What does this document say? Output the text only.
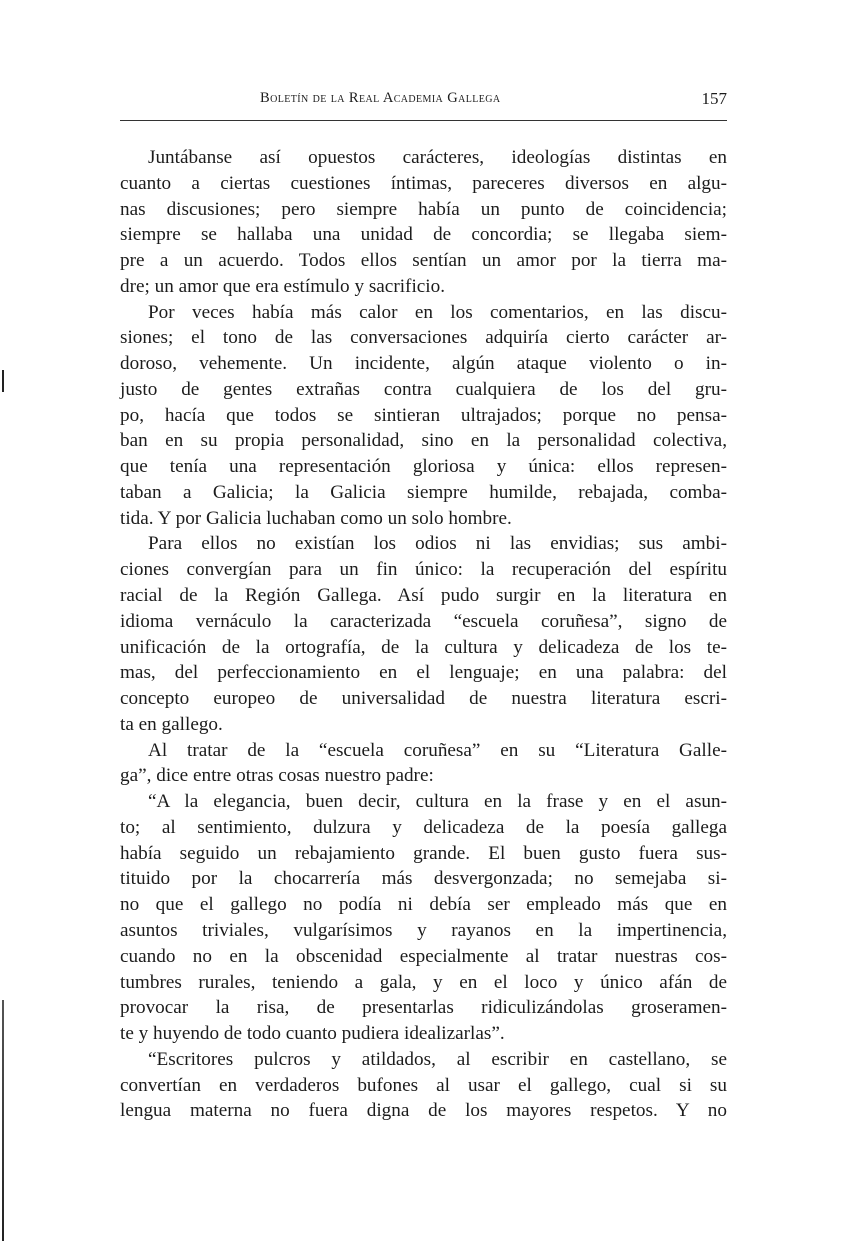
Boletín de la Real Academia Gallega	157
Juntábanse así opuestos carácteres, ideologías distintas en
cuanto a ciertas cuestiones íntimas, pareceres diversos en algu-
nas discusiones; pero siempre había un punto de coincidencia;
siempre se hallaba una unidad de concordia; se llegaba siem-
pre a un acuerdo. Todos ellos sentían un amor por la tierra ma-
dre; un amor que era estímulo y sacrificio.
Por veces había más calor en los comentarios, en las discu-
siones; el tono de las conversaciones adquiría cierto carácter ar-
doroso, vehemente. Un incidente, algún ataque violento o in-
justo de gentes extrañas contra cualquiera de los del gru-
po, hacía que todos se sintieran ultrajados; porque no pensa-
ban en su propia personalidad, sino en la personalidad colectiva,
que tenía una representación gloriosa y única: ellos represen-
taban a Galicia; la Galicia siempre humilde, rebajada, comba-
tida. Y por Galicia luchaban como un solo hombre.
Para ellos no existían los odios ni las envidias; sus ambi-
ciones convergían para un fin único: la recuperación del espíritu
racial de la Región Gallega. Así pudo surgir en la literatura en
idioma vernáculo la caracterizada “escuela coruñesa”, signo de
unificación de la ortografía, de la cultura y delicadeza de los te-
mas, del perfeccionamiento en el lenguaje; en una palabra: del
concepto europeo de universalidad de nuestra literatura escri-
ta en gallego.
Al tratar de la “escuela coruñesa” en su “Literatura Galle-
ga”, dice entre otras cosas nuestro padre:
“A la elegancia, buen decir, cultura en la frase y en el asun-
to; al sentimiento, dulzura y delicadeza de la poesía gallega
había seguido un rebajamiento grande. El buen gusto fuera sus-
tituido por la chocarrería más desvergonzada; no semejaba si-
no que el gallego no podía ni debía ser empleado más que en
asuntos triviales, vulgarísimos y rayanos en la impertinencia,
cuando no en la obscenidad especialmente al tratar nuestras cos-
tumbres rurales, teniendo a gala, y en el loco y único afán de
provocar la risa, de presentarlas ridiculizándolas groseramen-
te y huyendo de todo cuanto pudiera idealizarlas”.
“Escritores pulcros y atildados, al escribir en castellano, se
convertían en verdaderos bufones al usar el gallego, cual si su
lengua materna no fuera digna de los mayores respetos. Y no
